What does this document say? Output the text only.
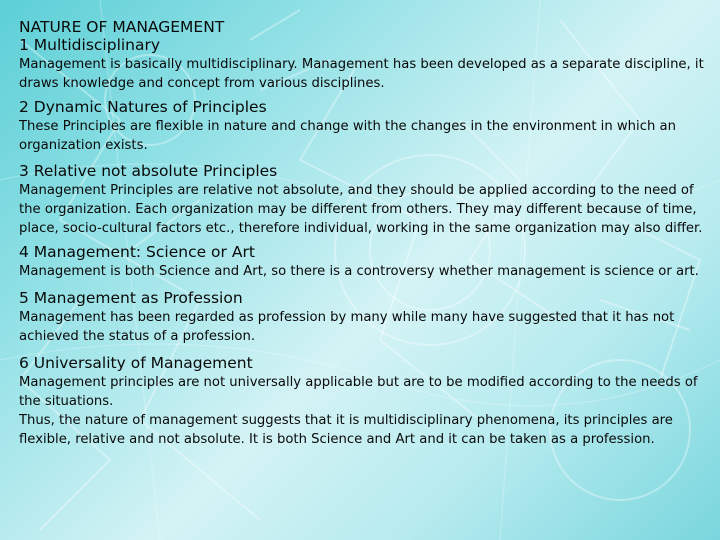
NATURE OF MANAGEMENT
1 Multidisciplinary

Management is basically multidisciplinary. Management has been developed as a separate discipline, it draws knowledge and concept from various disciplines.

2 Dynamic Natures of Principles

These Principles are flexible in nature and change with the changes in the environment in which an organization exists.

3 Relative not absolute Principles

Management Principles are relative not absolute, and they should be applied according to the need of the organization. Each organization may be different from others. They may different because of time, place, socio-cultural factors etc., therefore individual, working in the same organization may also differ.

4 Management: Science or Art

Management is both Science and Art, so there is a controversy whether management is science or art.

5 Management as Profession

Management has been regarded as profession by many while many have suggested that it has not achieved the status of a profession.

6 Universality of Management

Management principles are not universally applicable but are to be modified according to the needs of the situations.

Thus, the nature of management suggests that it is multidisciplinary phenomena, its principles are flexible, relative and not absolute. It is both Science and Art and it can be taken as a profession.
